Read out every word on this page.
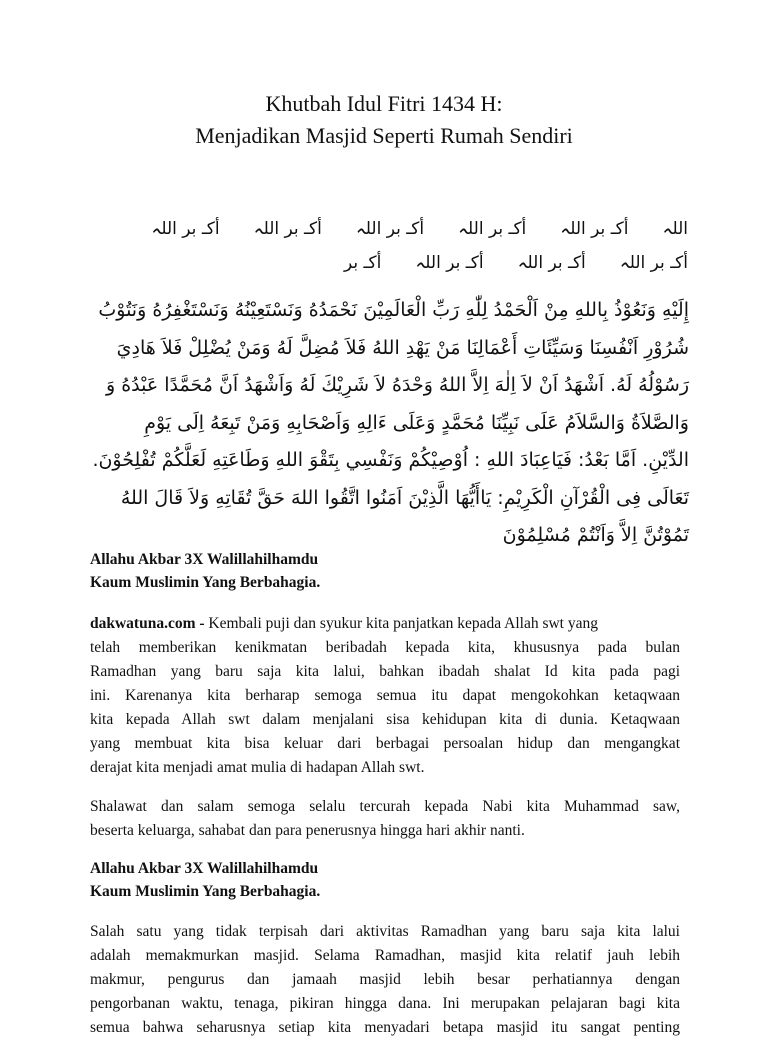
Khutbah Idul Fitri 1434 H:
Menjadikan Masjid Seperti Rumah Sendiri
اللہأكـ بر اللہأكـ بر اللہأكـ بر اللہأكـ بر اللہأكـ بر اللہ
أكـ بر اللہأكـ بر اللہأكـ بر اللہأكـ بر
إِلَيْهِ وَنَعُوْذُ بِاللهِ مِنْ اَلْحَمْدُ لِلّٰهِ رَبِّ الْعَالَمِيْنَ نَحْمَدُهُ وَنَسْتَعِيْنُهُ وَنَسْتَغْفِرُهُ وَنَتُوْبُ
شُرُوْرِ اَنْفُسِنَا وَسَيِّئَاتِ أَعْمَالِنَا مَنْ يَهْدِ اللهُ فَلاَ مُضِلَّ لَهُ وَمَنْ يُضْلِلْ فَلاَ هَادِيَ
رَسُوْلُهُ لَهُ. اَشْهَدُ اَنْ لاَ اِلٰهَ اِلاَّ اللهُ وَحْدَهُ لاَ شَرِيْكَ لَهُ وَاَشْهَدُ اَنَّ مُحَمَّدًا عَبْدُهُ وَ
وَالصَّلاَةُ وَالسَّلاَمُ عَلَى نَبِيِّنَا مُحَمَّدٍ وَعَلَى ءَالِهِ وَاَصْحَابِهِ وَمَنْ تَبِعَهُ اِلَى يَوْمِ
الدِّيْنِ. اَمَّا بَعْدُ: فَيَاعِبَادَ اللهِ : اُوْصِيْكُمْ وَنَفْسِي بِتَقْوَ اللهِ وَطَاعَتِهِ لَعَلَّكُمْ تُفْلِحُوْنَ.
تَعَالَى فِى الْقُرْآنِ الْكَرِيْمِ: يَاأَيُّهَا الَّذِيْنَ اَمَنُوا اتَّقُوا اللهَ حَقَّ تُقَاتِهِ وَلاَ قَالَ اللهُ
تَمُوْتُنَّ اِلاَّ وَاَنْتُمْ مُسْلِمُوْنَ
Allahu Akbar 3X Walillahilhamdu
Kaum Muslimin Yang Berbahagia.
dakwatuna.com - Kembali puji dan syukur kita panjatkan kepada Allah swt yang
telah memberikan kenikmatan beribadah kepada kita, khususnya pada bulan
Ramadhan yang baru saja kita lalui, bahkan ibadah shalat Id kita pada pagi
ini. Karenanya kita berharap semoga semua itu dapat mengokohkan ketaqwaan
kita kepada Allah swt dalam menjalani sisa kehidupan kita di dunia. Ketaqwaan
yang membuat kita bisa keluar dari berbagai persoalan hidup dan mengangkat
derajat kita menjadi amat mulia di hadapan Allah swt.
Shalawat dan salam semoga selalu tercurah kepada Nabi kita Muhammad saw,
beserta keluarga, sahabat dan para penerusnya hingga hari akhir nanti.
Allahu Akbar 3X Walillahilhamdu
Kaum Muslimin Yang Berbahagia.
Salah satu yang tidak terpisah dari aktivitas Ramadhan yang baru saja kita lalui
adalah memakmurkan masjid. Selama Ramadhan, masjid kita relatif jauh lebih
makmur, pengurus dan jamaah masjid lebih besar perhatiannya dengan
pengorbanan waktu, tenaga, pikiran hingga dana. Ini merupakan pelajaran bagi kita
semua bahwa seharusnya setiap kita menyadari betapa masjid itu sangat penting
